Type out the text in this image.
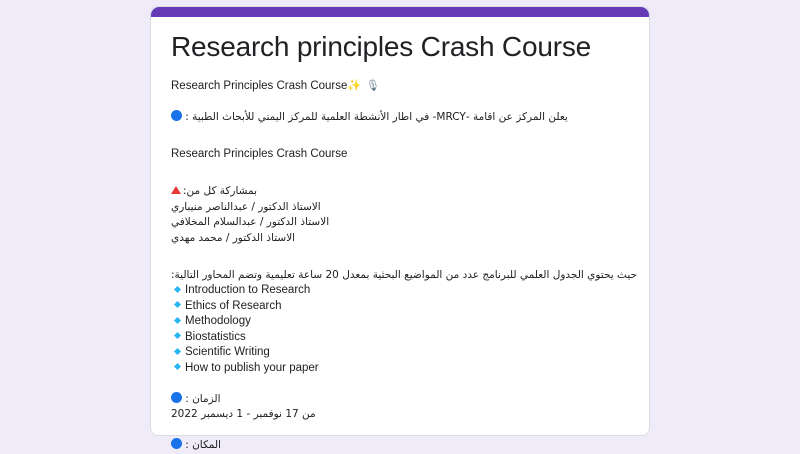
Research principles Crash Course
Research Principles Crash Course✨ 🎙
يعلن المركز عن اقامة -MRCY- في اطار الأنشطة العلمية للمركز اليمني للأبحاث الطبية :
Research Principles Crash Course
بمشاركة كل من:
الاستاذ الدكتور / عبدالناصر منيباري
الاستاذ الدكتور / عبدالسلام المخلافي
الاستاذ الدكتور / محمد مهدي
حيث يحتوي الجدول العلمي للبرنامج عدد من المواضيع البحثية بمعدل 20 ساعة تعليمية وتضم المحاور التالية:
Introduction to Research
Ethics of Research
Methodology
Biostatistics
Scientific Writing
How to publish your paper
الزمان :
من 17 نوفمبر - 1 ديسمبر 2022
المكان :
